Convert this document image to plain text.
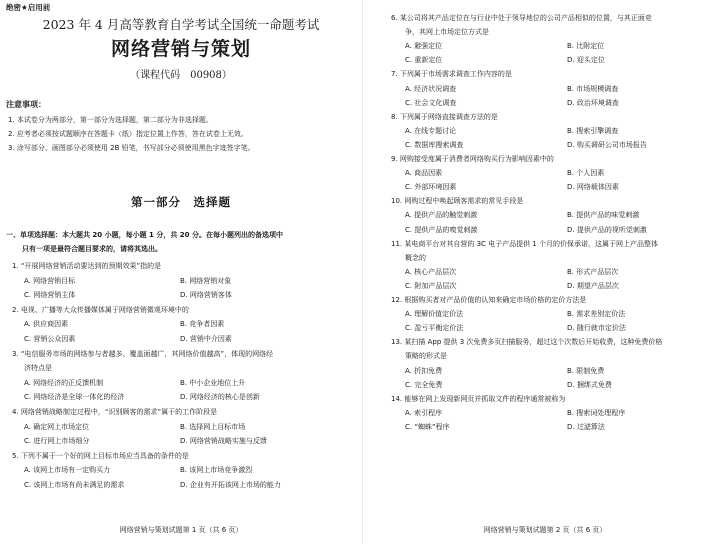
绝密★启用前
2023 年 4 月高等教育自学考试全国统一命题考试
网络营销与策划
（课程代码　00908）
注意事项：
1. 本试卷分为两部分，第一部分为选择题，第二部分为非选择题。
2. 应考者必须按试题顺序在答题卡（纸）指定位置上作答，答在试卷上无效。
3. 涂写部分、画图部分必须使用 2B 铅笔，书写部分必须使用黑色字迹签字笔。
第一部分　选择题
一、单项选择题：本大题共 20 小题，每小题 1 分，共 20 分。在每小题列出的备选项中
只有一项是最符合题目要求的，请将其选出。
1. “开展网络营销活动要达到的预期效果”指的是
A. 网络营销目标	B. 网络营销对象
C. 网络营销主体	D. 网络营销客体
2. 电视、广播等大众传播媒体属于网络营销微观环境中的
A. 供应商因素	B. 竞争者因素
C. 营销公众因素	D. 营销中介因素
3. “电信服务市场的网络参与者越多、覆盖面越广，其网络价值越高”，体现的网络经
济特点是
A. 网络经济的正反馈机制	B. 中小企业地位上升
C. 网络经济是全球一体化的经济	D. 网络经济的核心是创新
4. 网络营销战略制定过程中，“识别顾客的需求”属于的工作阶段是
A. 确定网上市场定位	B. 选择网上目标市场
C. 进行网上市场细分	D. 网络营销战略实施与反馈
5. 下列不属于一个好的网上目标市场应当具备的条件的是
A. 该网上市场有一定购买力	B. 该网上市场竞争激烈
C. 该网上市场有尚未满足的需求	D. 企业有开拓该网上市场的能力
网络营销与策划试题第 1 页（共 6 页）
6. 某公司将其产品定位在与行业中处于领导地位的公司产品相似的位置，与其正面竞
争，其网上市场定位方式是
A. 避强定位	B. 比附定位
C. 重新定位	D. 迎头定位
7. 下列属于市场需求调查工作内容的是
A. 经济状况调查	B. 市场规模调查
C. 社会文化调查	D. 政治环境调查
8. 下列属于网络直接调查方法的是
A. 在线专题讨论	B. 搜索引擎调查
C. 数据库搜索调查	D. 购买调研公司市场报告
9. 网购接受度属于消费者网络购买行为影响因素中的
A. 商品因素	B. 个人因素
C. 外部环境因素	D. 网络载体因素
10. 网购过程中唤起顾客需求的常见手段是
A. 提供产品的触觉刺激	B. 提供产品的味觉刺激
C. 提供产品的嗅觉刺激	D. 提供产品的视听觉刺激
11. 某电商平台对其自营的 3C 电子产品提供 1 个月的价保承诺，这属于网上产品整体
概念的
A. 核心产品层次	B. 形式产品层次
C. 附加产品层次	D. 期望产品层次
12. 根据购买者对产品价值的认知来确定市场价格的定价方法是
A. 理解价值定价法	B. 需求差别定价法
C. 盈亏平衡定价法	D. 随行就市定价法
13. 某扫描 App 提供 3 次免费多页扫描服务，超过这个次数后开始收费，这种免费价格
策略的形式是
A. 折扣免费	B. 限制免费
C. 完全免费	D. 捆绑式免费
14. 能够在网上发现新网页并抓取文件的程序通常被称为
A. 索引程序	B. 搜索词处理程序
C. “蜘蛛”程序	D. 过滤算法
网络营销与策划试题第 2 页（共 6 页）
